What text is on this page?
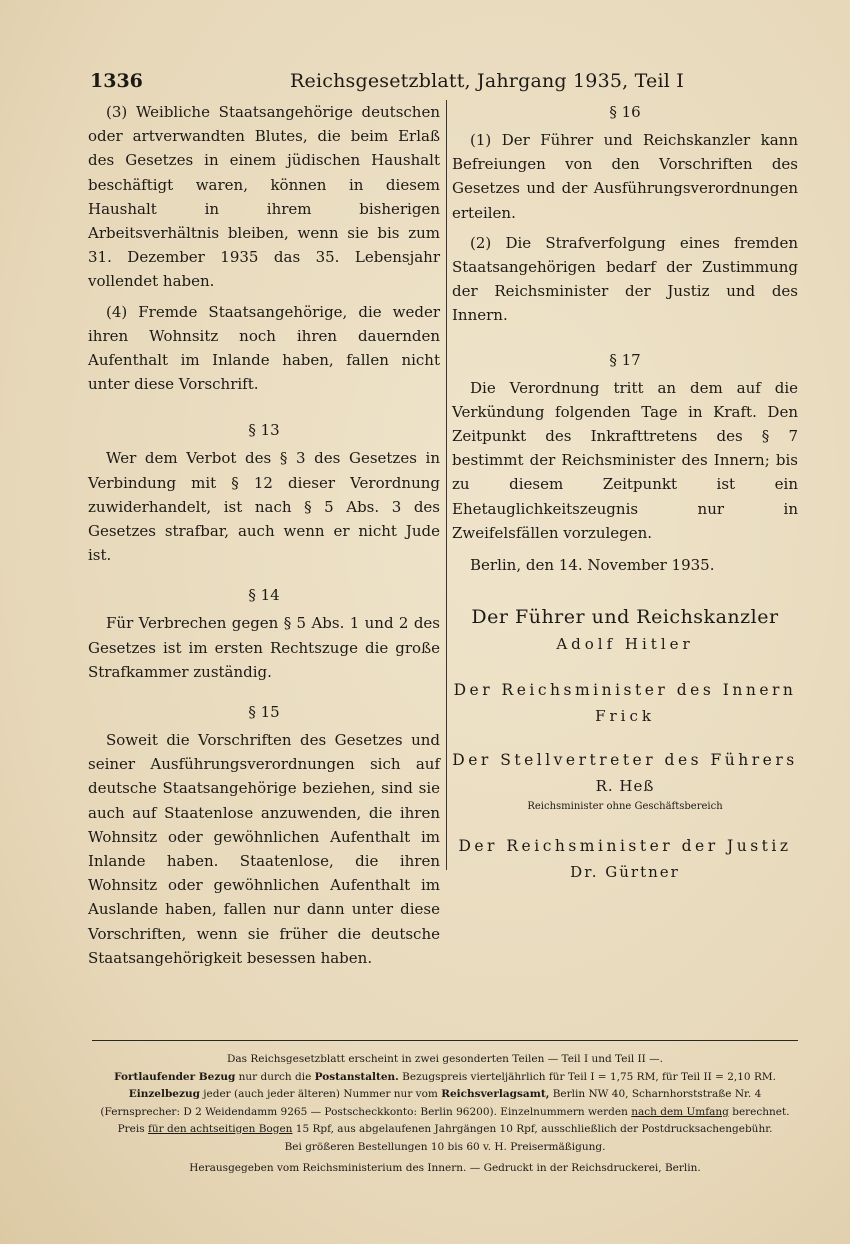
1336	Reichsgesetzblatt, Jahrgang 1935, Teil I

(3) Weibliche Staatsangehörige deutschen oder artverwandten Blutes, die beim Erlaß des Gesetzes in einem jüdischen Haushalt beschäftigt waren, können in diesem Haushalt in ihrem bisherigen Arbeitsverhältnis bleiben, wenn sie bis zum 31. Dezember 1935 das 35. Lebensjahr vollendet haben.

(4) Fremde Staatsangehörige, die weder ihren Wohnsitz noch ihren dauernden Aufenthalt im Inlande haben, fallen nicht unter diese Vorschrift.

§ 13

Wer dem Verbot des § 3 des Gesetzes in Verbindung mit § 12 dieser Verordnung zuwiderhandelt, ist nach § 5 Abs. 3 des Gesetzes strafbar, auch wenn er nicht Jude ist.

§ 14

Für Verbrechen gegen § 5 Abs. 1 und 2 des Gesetzes ist im ersten Rechtszuge die große Strafkammer zuständig.

§ 15

Soweit die Vorschriften des Gesetzes und seiner Ausführungsverordnungen sich auf deutsche Staatsangehörige beziehen, sind sie auch auf Staatenlose anzuwenden, die ihren Wohnsitz oder gewöhnlichen Aufenthalt im Inlande haben. Staatenlose, die ihren Wohnsitz oder gewöhnlichen Aufenthalt im Auslande haben, fallen nur dann unter diese Vorschriften, wenn sie früher die deutsche Staatsangehörigkeit besessen haben.

§ 16

(1) Der Führer und Reichskanzler kann Befreiungen von den Vorschriften des Gesetzes und der Ausführungsverordnungen erteilen.

(2) Die Strafverfolgung eines fremden Staatsangehörigen bedarf der Zustimmung der Reichsminister der Justiz und des Innern.

§ 17

Die Verordnung tritt an dem auf die Verkündung folgenden Tage in Kraft. Den Zeitpunkt des Inkrafttretens des § 7 bestimmt der Reichsminister des Innern; bis zu diesem Zeitpunkt ist ein Ehetauglichkeitszeugnis nur in Zweifelsfällen vorzulegen.

Berlin, den 14. November 1935.

Der Führer und Reichskanzler

Adolf Hitler

Der Reichsminister des Innern

Frick

Der Stellvertreter des Führers

R. Heß

Reichsminister ohne Geschäftsbereich

Der Reichsminister der Justiz

Dr. Gürtner

Das Reichsgesetzblatt erscheint in zwei gesonderten Teilen — Teil I und Teil II —.

Fortlaufender Bezug nur durch die Postanstalten. Bezugspreis vierteljährlich für Teil I = 1,75 RM, für Teil II = 2,10 RM.

Einzelbezug jeder (auch jeder älteren) Nummer nur vom Reichsverlagsamt, Berlin NW 40, Scharnhorststraße Nr. 4

(Fernsprecher: D 2 Weidendamm 9265 — Postscheckkonto: Berlin 96200). Einzelnummern werden nach dem Umfang berechnet.

Preis für den achtseitigen Bogen 15 Rpf, aus abgelaufenen Jahrgängen 10 Rpf, ausschließlich der Postdrucksachengebühr.

Bei größeren Bestellungen 10 bis 60 v. H. Preisermäßigung.

Herausgegeben vom Reichsministerium des Innern. — Gedruckt in der Reichsdruckerei, Berlin.
